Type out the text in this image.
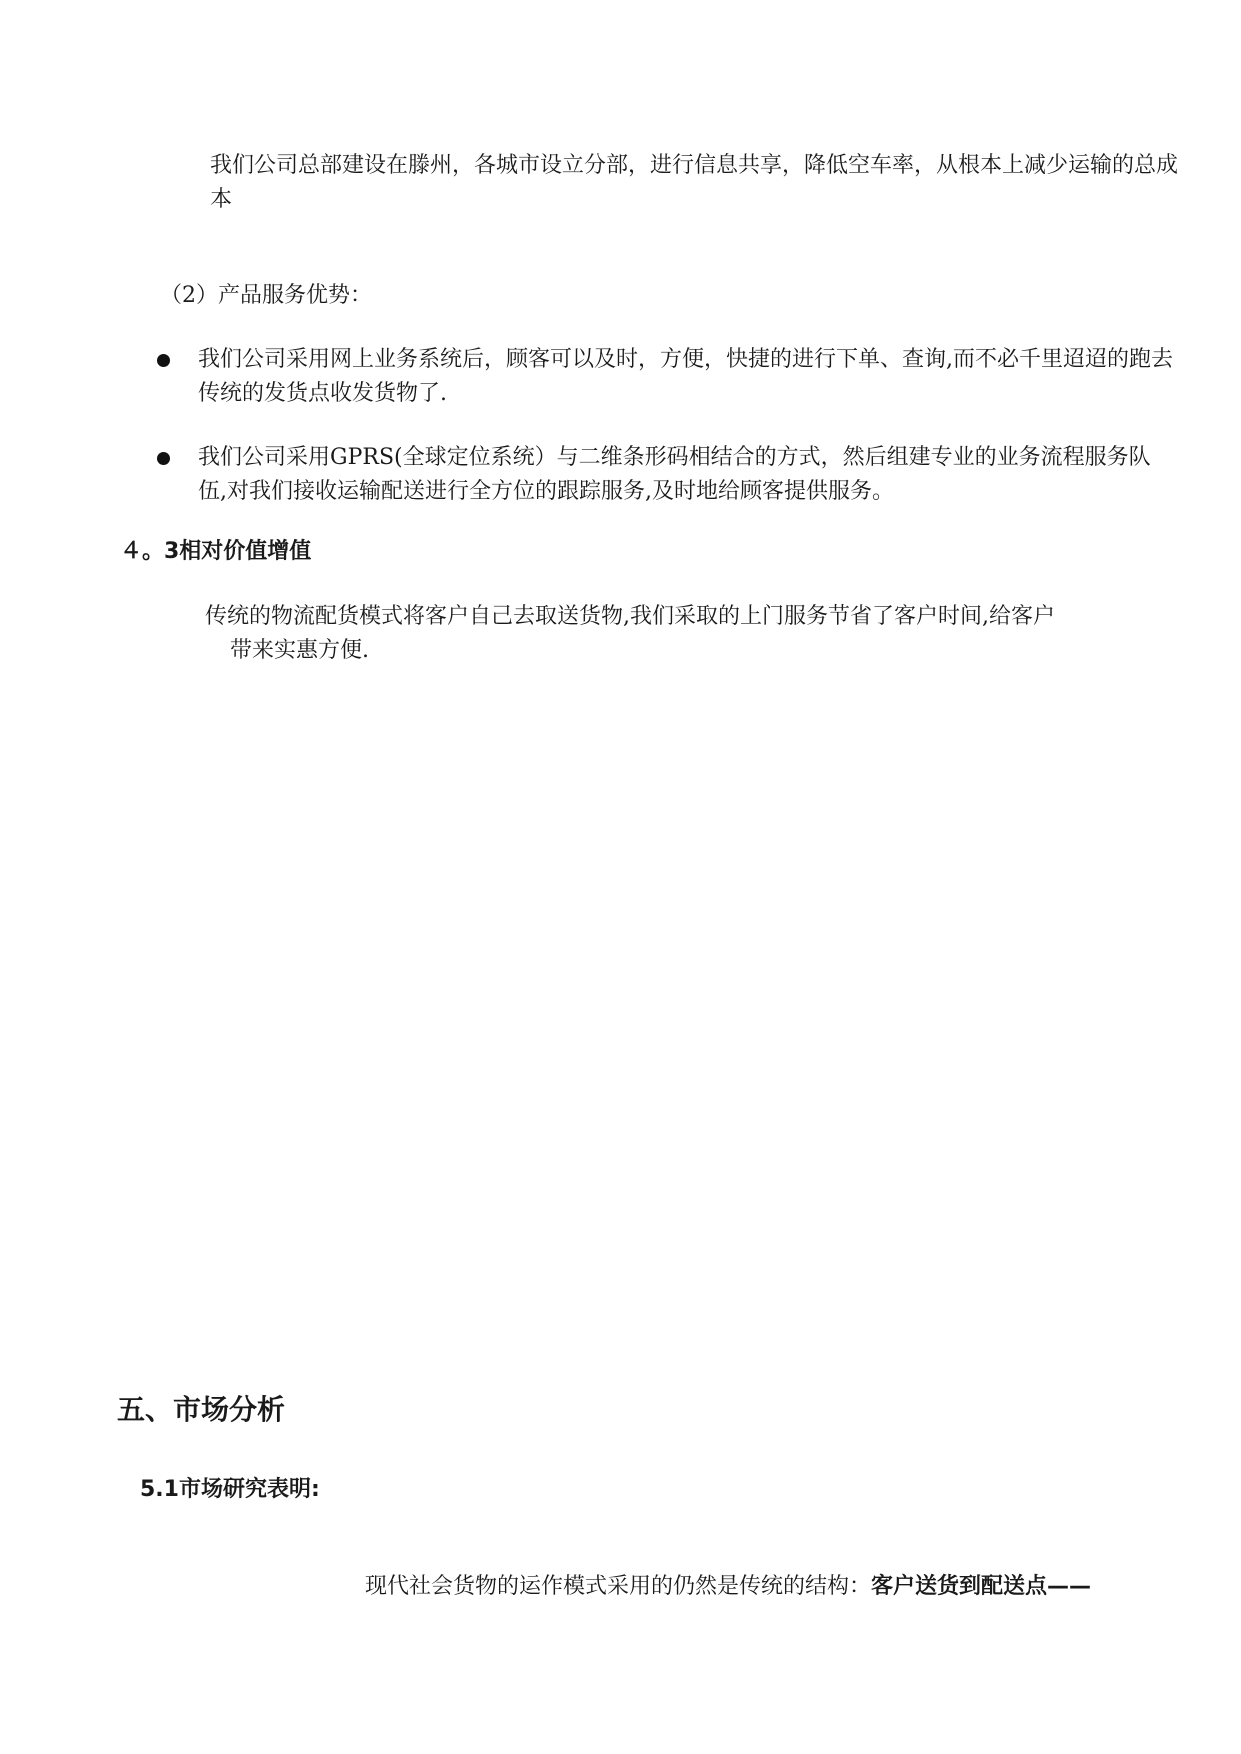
我们公司总部建设在滕州，各城市设立分部，进行信息共享，降低空车率，从根本上减少运输的总成本

（2）产品服务优势：

我们公司采用网上业务系统后，顾客可以及时，方便，快捷的进行下单、查询,而不必千里迢迢的跑去传统的发货点收发货物了.

我们公司采用GPRS(全球定位系统）与二维条形码相结合的方式，然后组建专业的业务流程服务队伍,对我们接收运输配送进行全方位的跟踪服务,及时地给顾客提供服务。

４。3相对价值增值

传统的物流配货模式将客户自己去取送货物,我们采取的上门服务节省了客户时间,给客户
带来实惠方便.

五、市场分析
5.1市场研究表明:

现代社会货物的运作模式采用的仍然是传统的结构：客户送货到配送点——
